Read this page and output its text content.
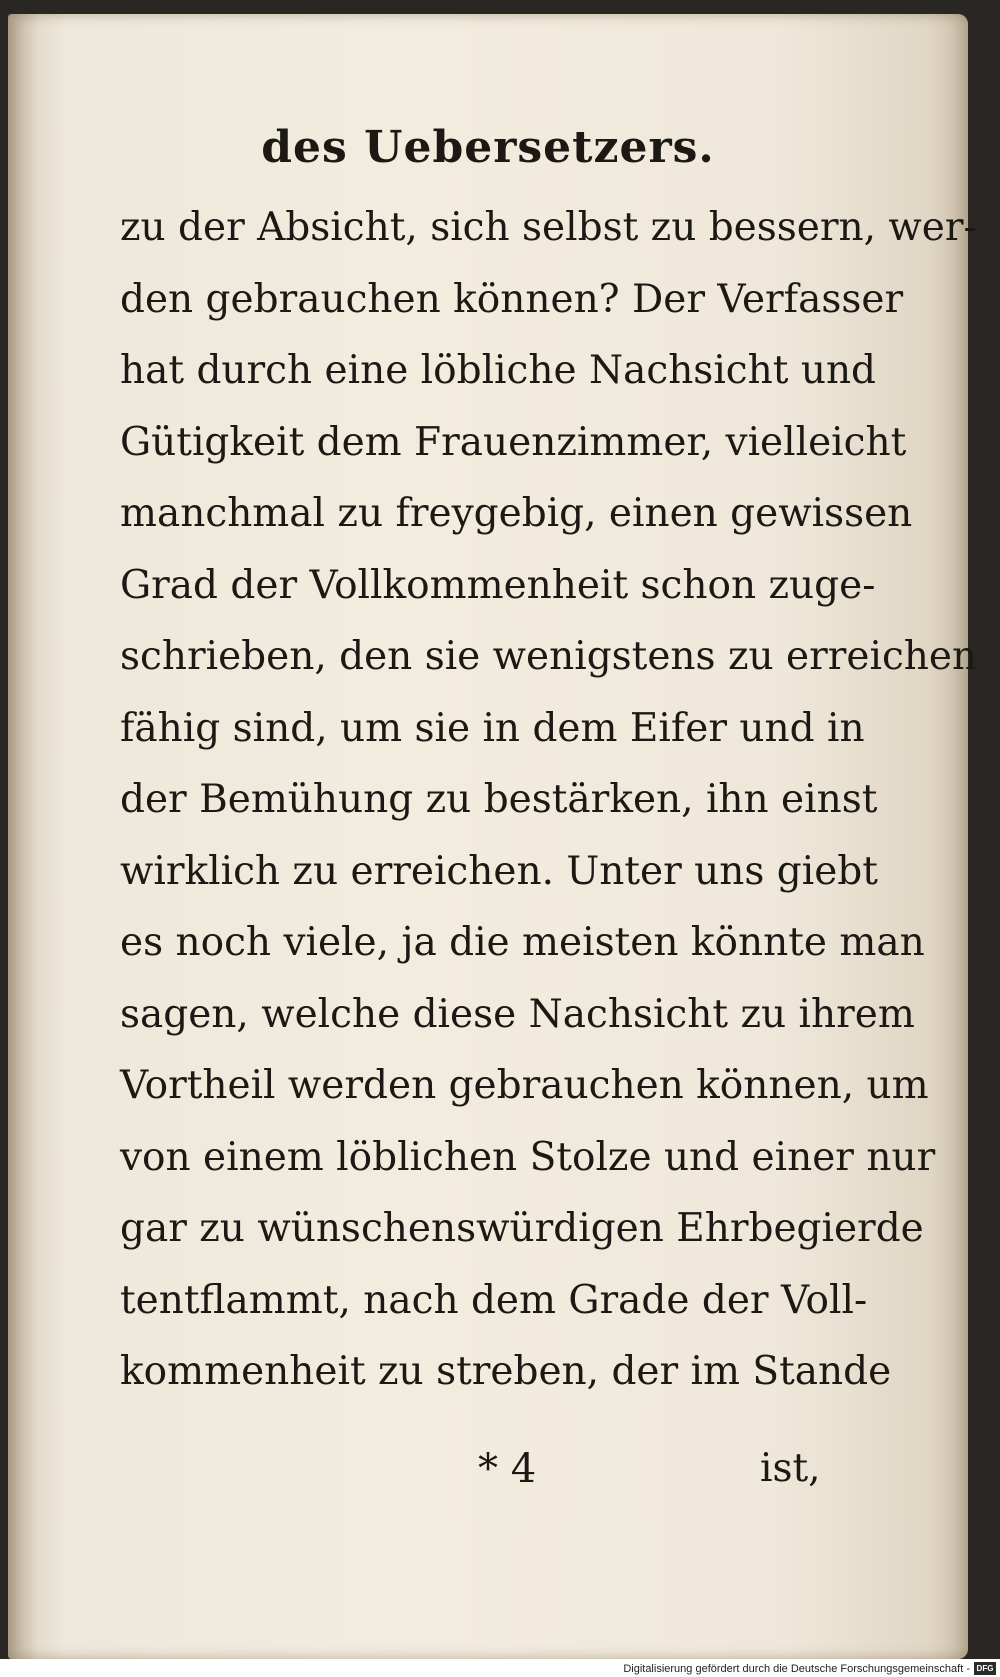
des Uebersetzers.
zu der Absicht, sich selbst zu bessern, wer-
den gebrauchen können? Der Verfasser
hat durch eine löbliche Nachsicht und
Gütigkeit dem Frauenzimmer, vielleicht
manchmal zu freygebig, einen gewissen
Grad der Vollkommenheit schon zuge-
schrieben, den sie wenigstens zu erreichen
fähig sind, um sie in dem Eifer und in
der Bemühung zu bestärken, ihn einst
wirklich zu erreichen. Unter uns giebt
es noch viele, ja die meisten könnte man
sagen, welche diese Nachsicht zu ihrem
Vortheil werden gebrauchen können, um
von einem löblichen Stolze und einer nur
gar zu wünschenswürdigen Ehrbegierde
tentflammt, nach dem Grade der Voll-
kommenheit zu streben, der im Stande
* 4	ist,
Digitalisierung gefördert durch die Deutsche Forschungsgemeinschaft - DFG
